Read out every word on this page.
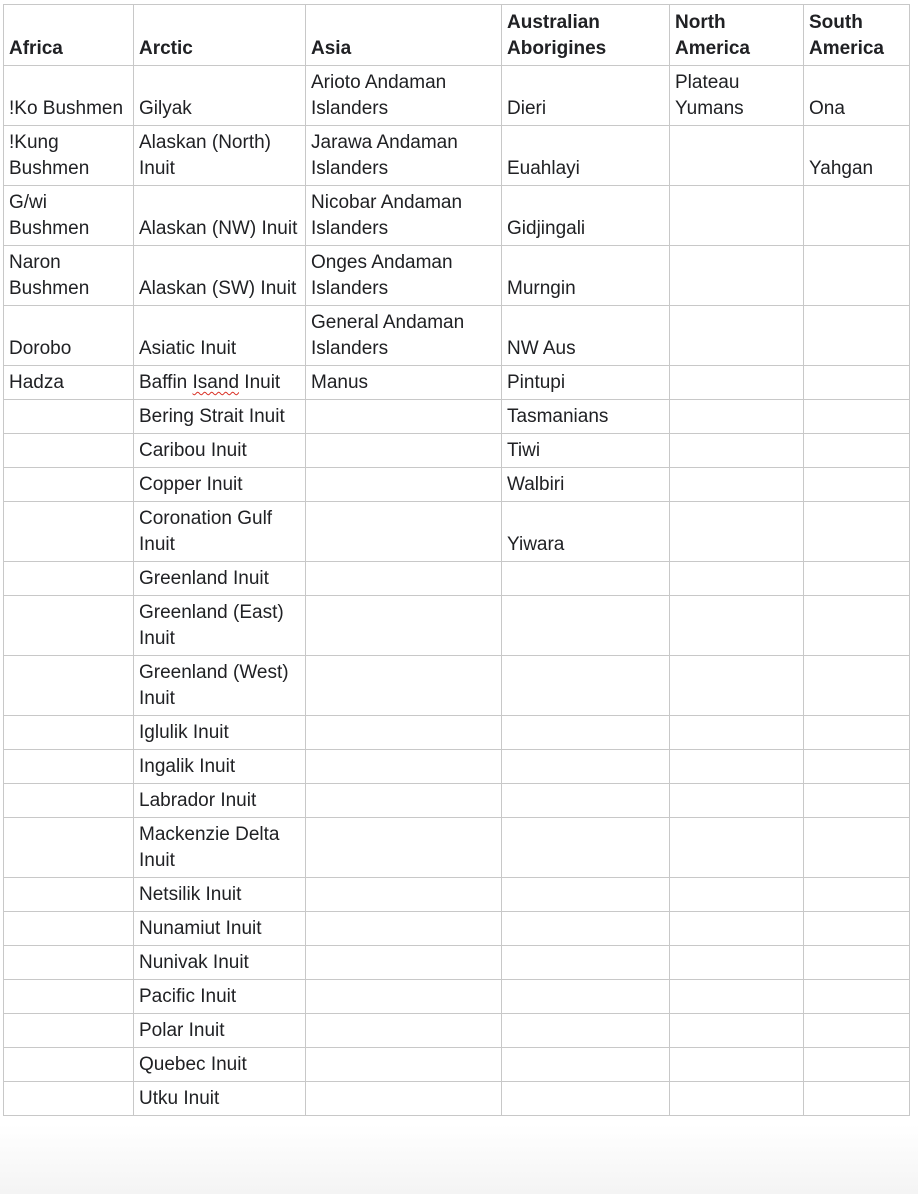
Africa	Arctic	Asia	Australian Aborigines	North America	South America
!Ko Bushmen	Gilyak	Arioto Andaman Islanders	Dieri	Plateau Yumans	Ona
!Kung Bushmen	Alaskan (North) Inuit	Jarawa Andaman Islanders	Euahlayi		Yahgan
G/wi Bushmen	Alaskan (NW) Inuit	Nicobar Andaman Islanders	Gidjingali		
Naron Bushmen	Alaskan (SW) Inuit	Onges Andaman Islanders	Murngin		
Dorobo	Asiatic Inuit	General Andaman Islanders	NW Aus		
Hadza	Baffin Isand Inuit	Manus	Pintupi		
	Bering Strait Inuit		Tasmanians		
	Caribou Inuit		Tiwi		
	Copper Inuit		Walbiri		
	Coronation Gulf Inuit		Yiwara		
	Greenland Inuit				
	Greenland (East) Inuit				
	Greenland (West) Inuit				
	Iglulik Inuit				
	Ingalik Inuit				
	Labrador Inuit				
	Mackenzie Delta Inuit				
	Netsilik Inuit				
	Nunamiut Inuit				
	Nunivak Inuit				
	Pacific Inuit				
	Polar Inuit				
	Quebec Inuit				
	Utku Inuit				
